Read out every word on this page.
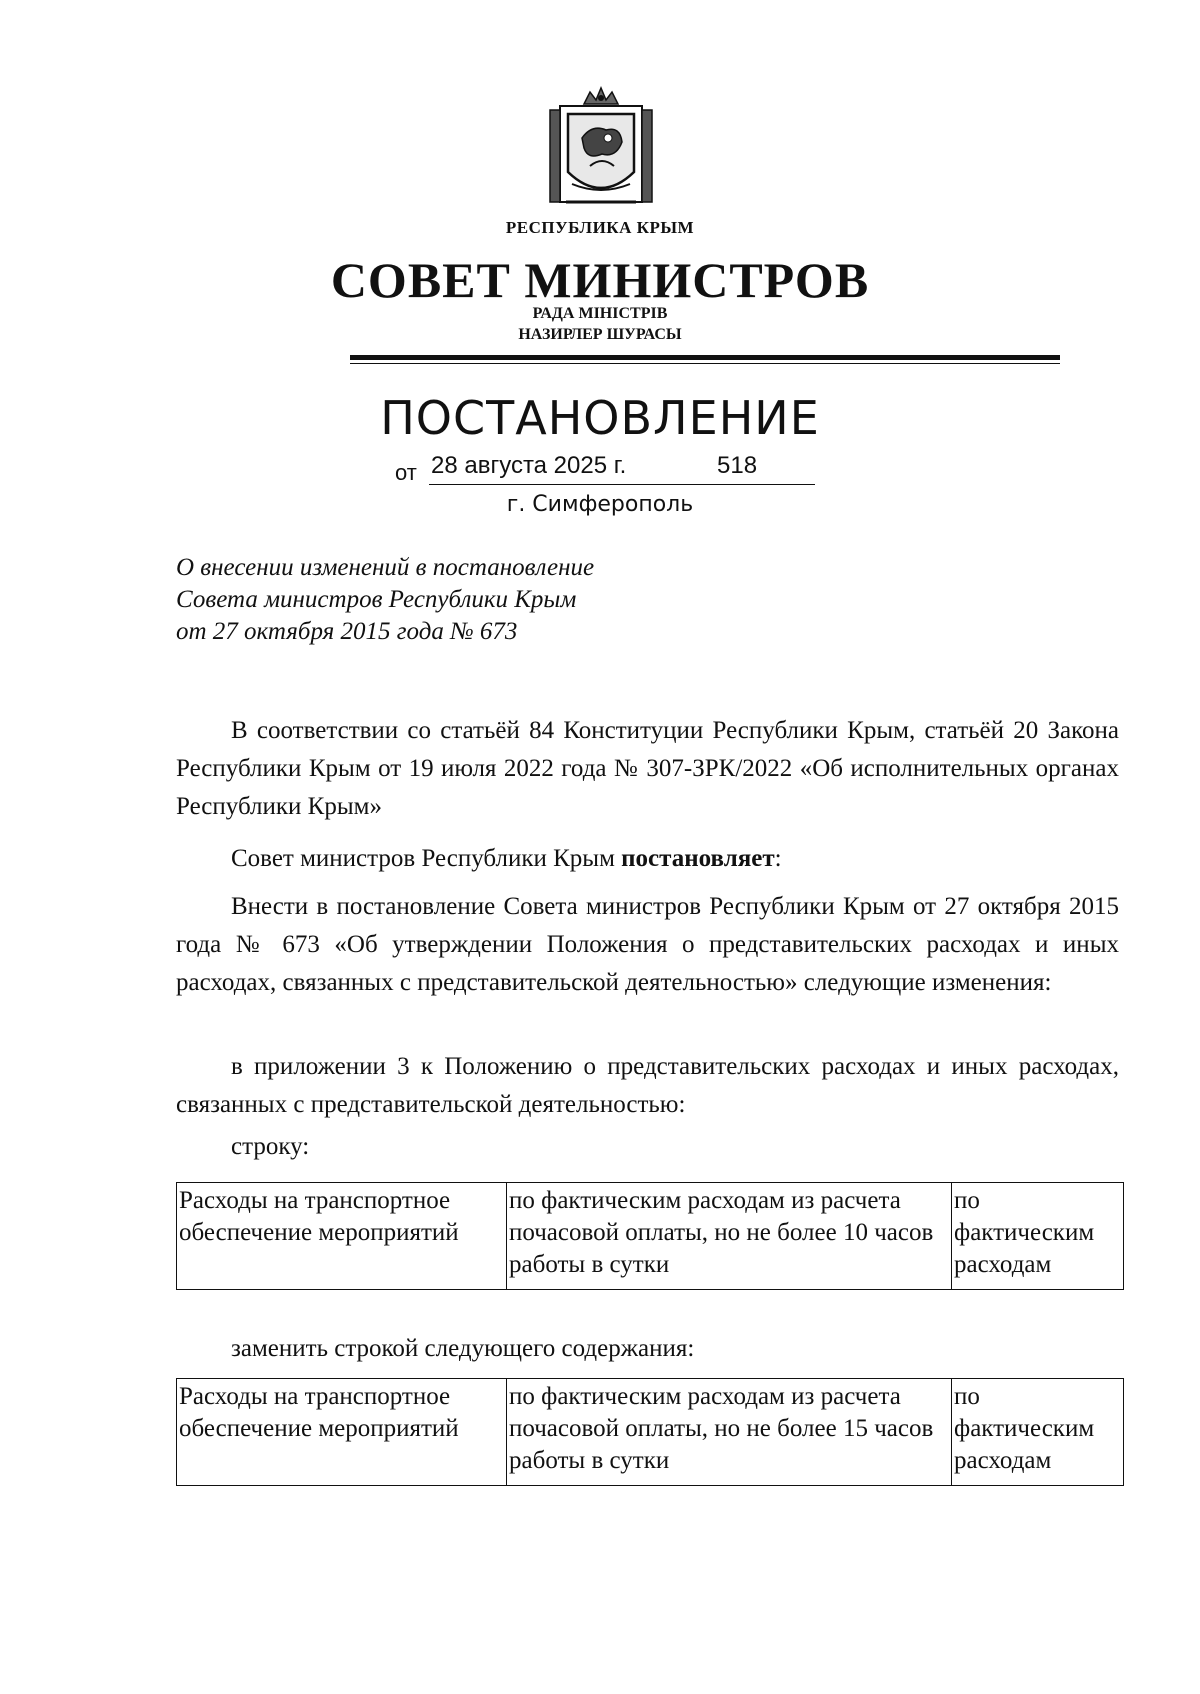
РЕСПУБЛИКА КРЫМ
СОВЕТ МИНИСТРОВ
РАДА МІНІСТРІВ
НАЗИРЛЕР ШУРАСЫ
ПОСТАНОВЛЕНИЕ
от 28 августа 2025 г.	518
г. Симферополь
О внесении изменений в постановление
Совета министров Республики Крым
от 27 октября 2015 года № 673
В соответствии со статьёй 84 Конституции Республики Крым, статьёй 20 Закона Республики Крым от 19 июля 2022 года № 307-ЗРК/2022 «Об исполнительных органах Республики Крым»
Совет министров Республики Крым постановляет:
Внести в постановление Совета министров Республики Крым от 27 октября 2015 года № 673 «Об утверждении Положения о представительских расходах и иных расходах, связанных с представительской деятельностью» следующие изменения:
в приложении 3 к Положению о представительских расходах и иных расходах, связанных с представительской деятельностью:
строку:
Расходы на транспортное обеспечение мероприятий	по фактическим расходам из расчета почасовой оплаты, но не более 10 часов работы в сутки	по фактическим расходам
заменить строкой следующего содержания:
Расходы на транспортное обеспечение мероприятий	по фактическим расходам из расчета почасовой оплаты, но не более 15 часов работы в сутки	по фактическим расходам
